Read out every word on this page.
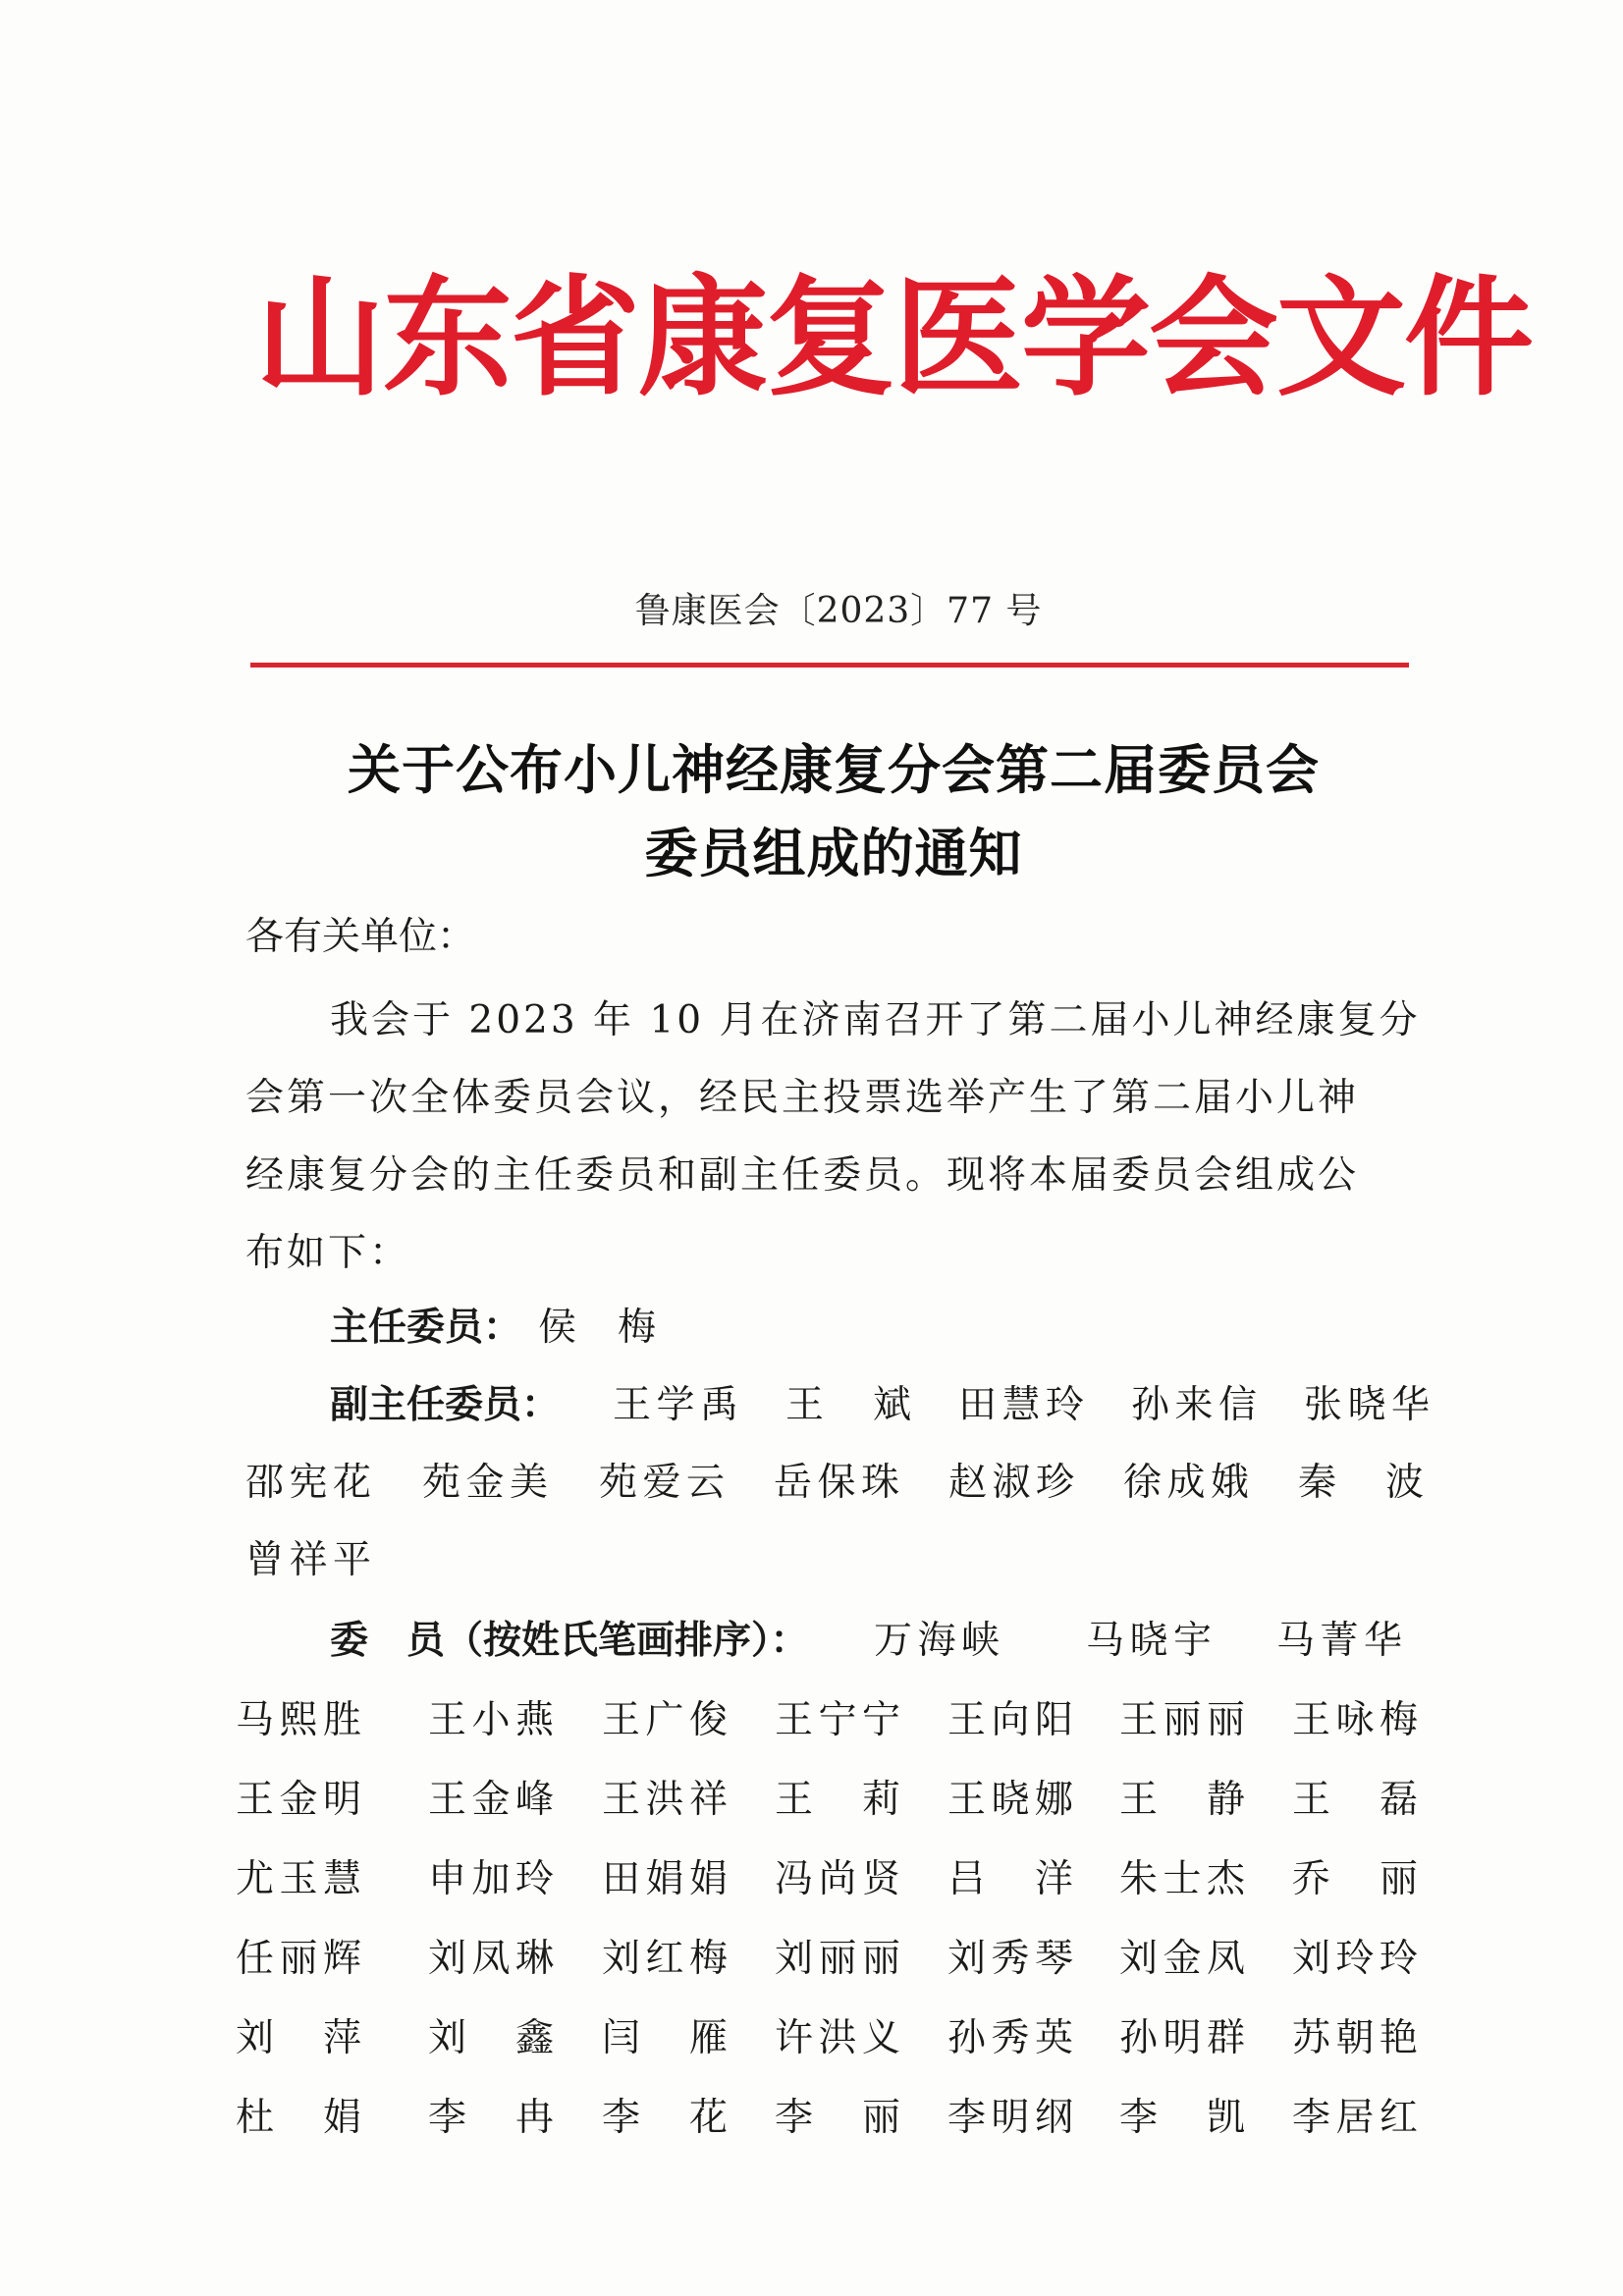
山东省康复医学会文件
鲁康医会〔2023〕77 号
关于公布小儿神经康复分会第二届委员会
委员组成的通知
各有关单位：
我会于 2023 年 10 月在济南召开了第二届小儿神经康复分
会第一次全体委员会议，经民主投票选举产生了第二届小儿神
经康复分会的主任委员和副主任委员。现将本届委员会组成公
布如下：
主任委员： 侯　梅
副主任委员： 王学禹 王　斌 田慧玲 孙来信 张晓华
邵宪花 苑金美 苑爱云 岳保珠 赵淑珍 徐成娥 秦　波
曾祥平
委　员（按姓氏笔画排序）： 万海峡 马晓宇 马菁华
马熙胜 王小燕 王广俊 王宁宁 王向阳 王丽丽 王咏梅
王金明 王金峰 王洪祥 王　莉 王晓娜 王　静 王　磊
尤玉慧 申加玲 田娟娟 冯尚贤 吕　洋 朱士杰 乔　丽
任丽辉 刘凤琳 刘红梅 刘丽丽 刘秀琴 刘金凤 刘玲玲
刘　萍 刘　鑫 闫　雁 许洪义 孙秀英 孙明群 苏朝艳
杜　娟 李　冉 李　花 李　丽 李明纲 李　凯 李居红
